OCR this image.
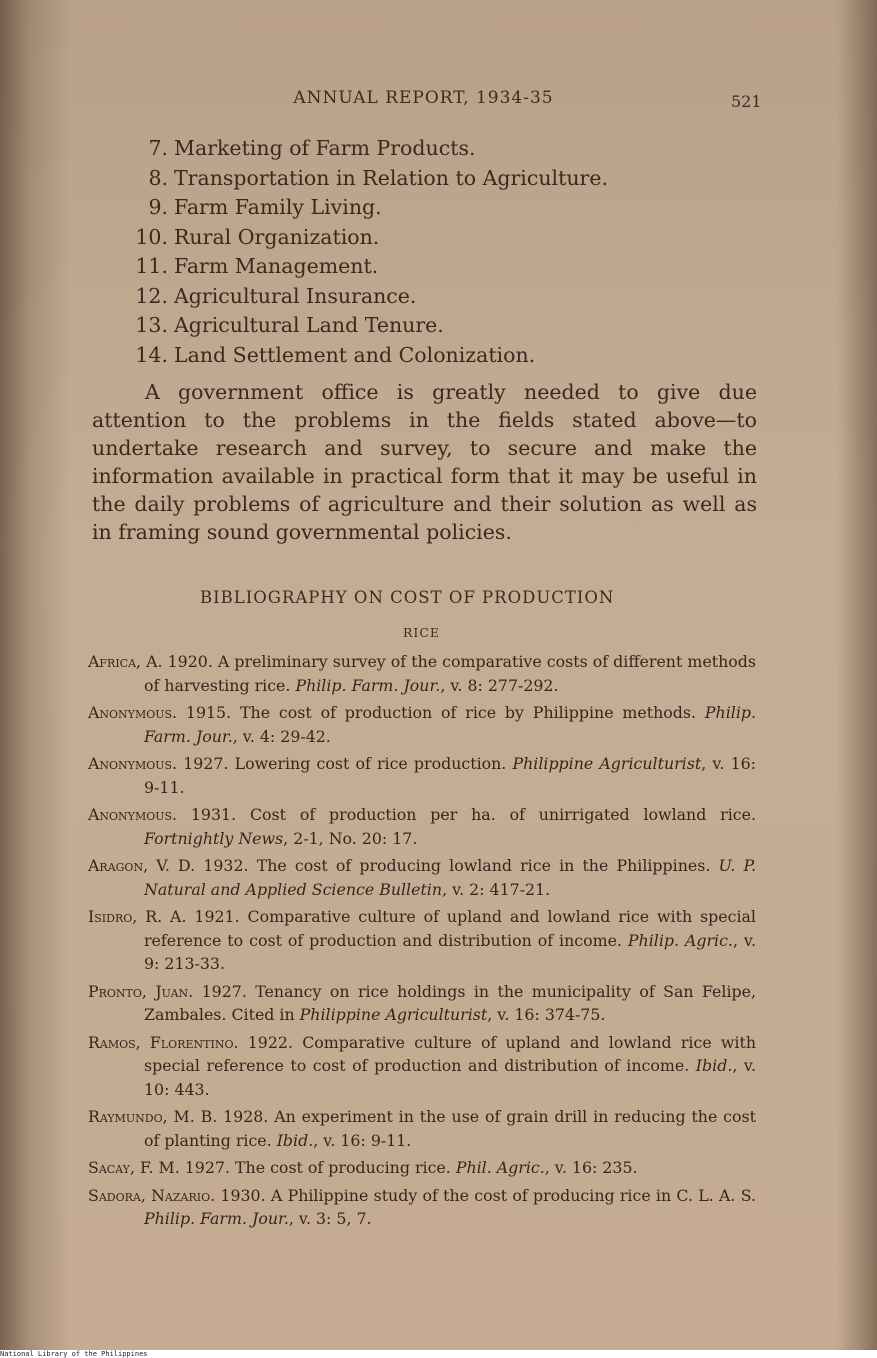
ANNUAL REPORT, 1934-35	521
7. Marketing of Farm Products.
8. Transportation in Relation to Agriculture.
9. Farm Family Living.
10. Rural Organization.
11. Farm Management.
12. Agricultural Insurance.
13. Agricultural Land Tenure.
14. Land Settlement and Colonization.
A government office is greatly needed to give due attention to the problems in the fields stated above—to undertake research and survey, to secure and make the information available in practical form that it may be useful in the daily problems of agriculture and their solution as well as in framing sound governmental policies.
BIBLIOGRAPHY ON COST OF PRODUCTION
RICE
Africa, A. 1920. A preliminary survey of the comparative costs of different methods of harvesting rice. Philip. Farm. Jour., v. 8: 277-292.
Anonymous. 1915. The cost of production of rice by Philippine methods. Philip. Farm. Jour., v. 4: 29-42.
Anonymous. 1927. Lowering cost of rice production. Philippine Agriculturist, v. 16: 9-11.
Anonymous. 1931. Cost of production per ha. of unirrigated lowland rice. Fortnightly News, 2-1, No. 20: 17.
Aragon, V. D. 1932. The cost of producing lowland rice in the Philippines. U. P. Natural and Applied Science Bulletin, v. 2: 417-21.
Isidro, R. A. 1921. Comparative culture of upland and lowland rice with special reference to cost of production and distribution of income. Philip. Agric., v. 9: 213-33.
Pronto, Juan. 1927. Tenancy on rice holdings in the municipality of San Felipe, Zambales. Cited in Philippine Agriculturist, v. 16: 374-75.
Ramos, Florentino. 1922. Comparative culture of upland and lowland rice with special reference to cost of production and distribution of income. Ibid., v. 10: 443.
Raymundo, M. B. 1928. An experiment in the use of grain drill in reducing the cost of planting rice. Ibid., v. 16: 9-11.
Sacay, F. M. 1927. The cost of producing rice. Phil. Agric., v. 16: 235.
Sadora, Nazario. 1930. A Philippine study of the cost of producing rice in C. L. A. S. Philip. Farm. Jour., v. 3: 5, 7.
National Library of the Philippines
